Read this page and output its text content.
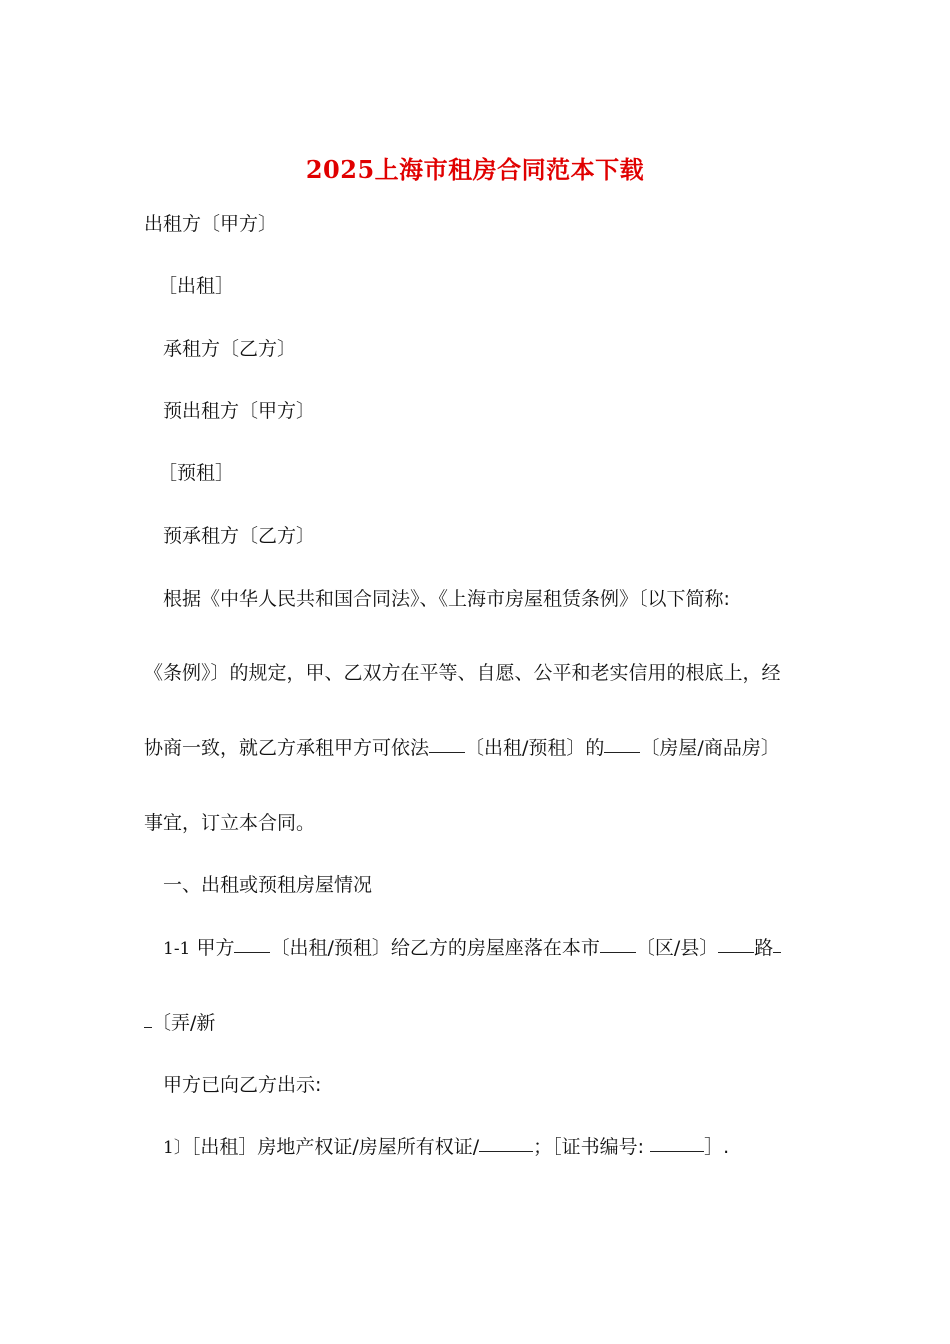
2025上海市租房合同范本下载
出租方〔甲方〕
［出租］
承租方〔乙方〕
预出租方〔甲方〕
［预租］
预承租方〔乙方〕
根据《中华人民共和国合同法》、《上海市房屋租赁条例》〔以下简称:
《条例》〕的规定，甲、乙双方在平等、自愿、公平和老实信用的根底上，经
协商一致，就乙方承租甲方可依法 〔出租/预租〕的 〔房屋/商品房〕
事宜，订立本合同。
一、出租或预租房屋情况
1-1 甲方 〔出租/预租〕给乙方的房屋座落在本市 〔区/县〕 路
〔弄/新
甲方已向乙方出示:
1〕［出租］房地产权证/房屋所有权证/	；［证书编号:	］.
